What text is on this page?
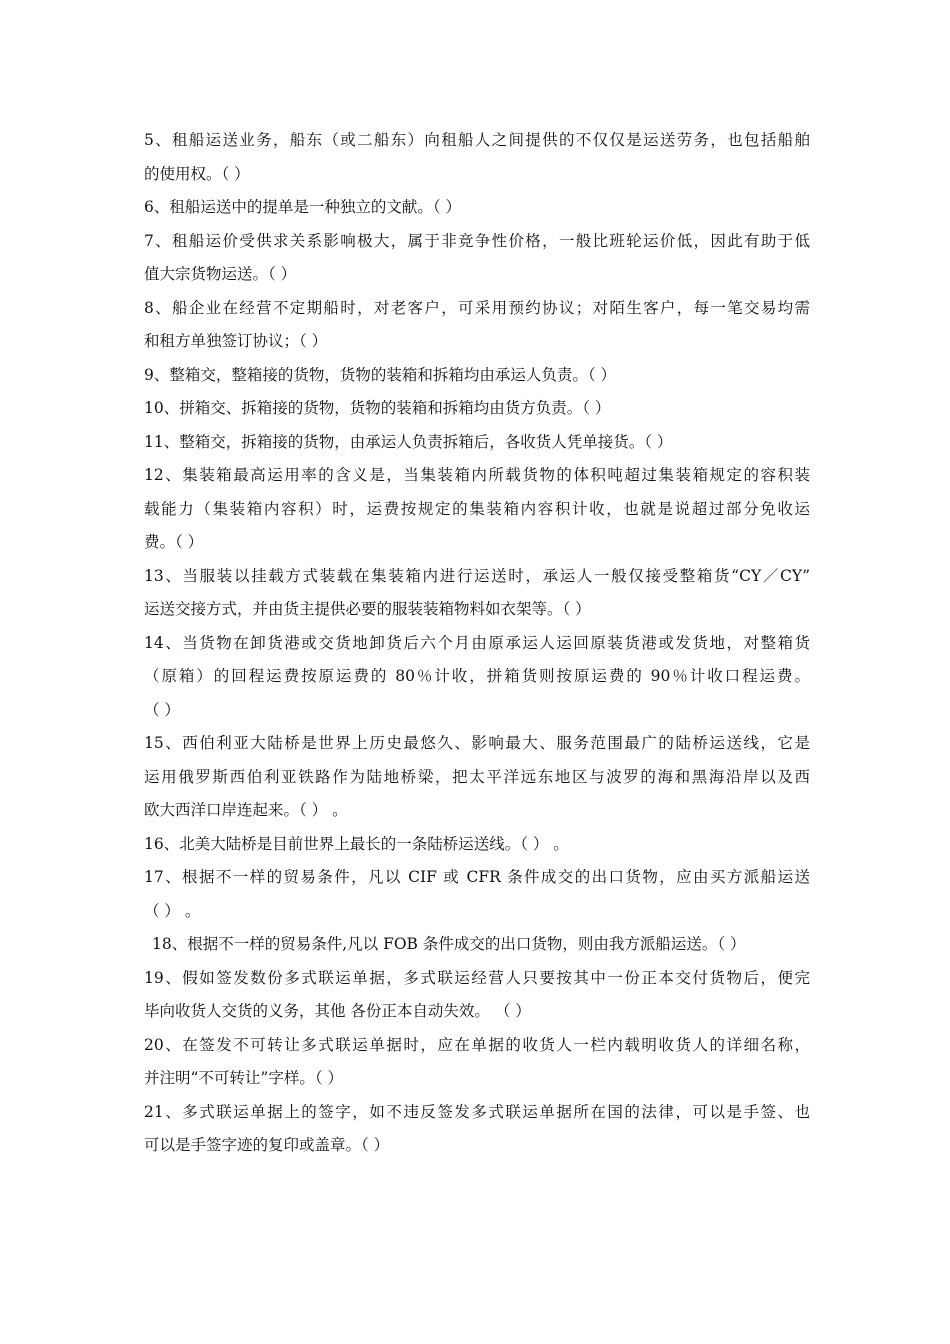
5、租船运送业务，船东（或二船东）向租船人之间提供的不仅仅是运送劳务，也包括船舶
的使用权。（ ）
6、租船运送中的提单是一种独立的文献。（ ）
7、租船运价受供求关系影响极大，属于非竞争性价格，一般比班轮运价低，因此有助于低
值大宗货物运送。（ ）
8、船企业在经营不定期船时，对老客户，可采用预约协议；对陌生客户，每一笔交易均需
和租方单独签订协议；（ ）
9、整箱交，整箱接的货物，货物的装箱和拆箱均由承运人负责。（ ）
10、拼箱交、拆箱接的货物，货物的装箱和拆箱均由货方负责。（ ）
11、整箱交，拆箱接的货物，由承运人负责拆箱后，各收货人凭单接货。（ ）
12、集装箱最高运用率的含义是，当集装箱内所载货物的体积吨超过集装箱规定的容积装
载能力（集装箱内容积）时，运费按规定的集装箱内容积计收，也就是说超过部分免收运
费。（ ）
13、当服装以挂载方式装载在集装箱内进行运送时，承运人一般仅接受整箱货“CY／CY”
运送交接方式，并由货主提供必要的服装装箱物料如衣架等。（ ）
14、当货物在卸货港或交货地卸货后六个月由原承运人运回原装货港或发货地，对整箱货
（原箱）的回程运费按原运费的 80％计收，拼箱货则按原运费的 90％计收口程运费。
（ ）
15、西伯利亚大陆桥是世界上历史最悠久、影响最大、服务范围最广的陆桥运送线，它是
运用俄罗斯西伯利亚铁路作为陆地桥梁，把太平洋远东地区与波罗的海和黑海沿岸以及西
欧大西洋口岸连起来。（ ） 。
16、北美大陆桥是目前世界上最长的一条陆桥运送线。（ ） 。
17、根据不一样的贸易条件，凡以 CIF 或 CFR 条件成交的出口货物，应由买方派船运送
（ ） 。
18、根据不一样的贸易条件,凡以 FOB 条件成交的出口货物，则由我方派船运送。（ ）
19、假如签发数份多式联运单据，多式联运经营人只要按其中一份正本交付货物后，便完
毕向收货人交货的义务，其他 各份正本自动失效。 （ ）
20、在签发不可转让多式联运单据时，应在单据的收货人一栏内载明收货人的详细名称，
并注明“不可转让”字样。（ ）
21、多式联运单据上的签字，如不违反签发多式联运单据所在国的法律，可以是手签、也
可以是手签字迹的复印或盖章。（ ）
